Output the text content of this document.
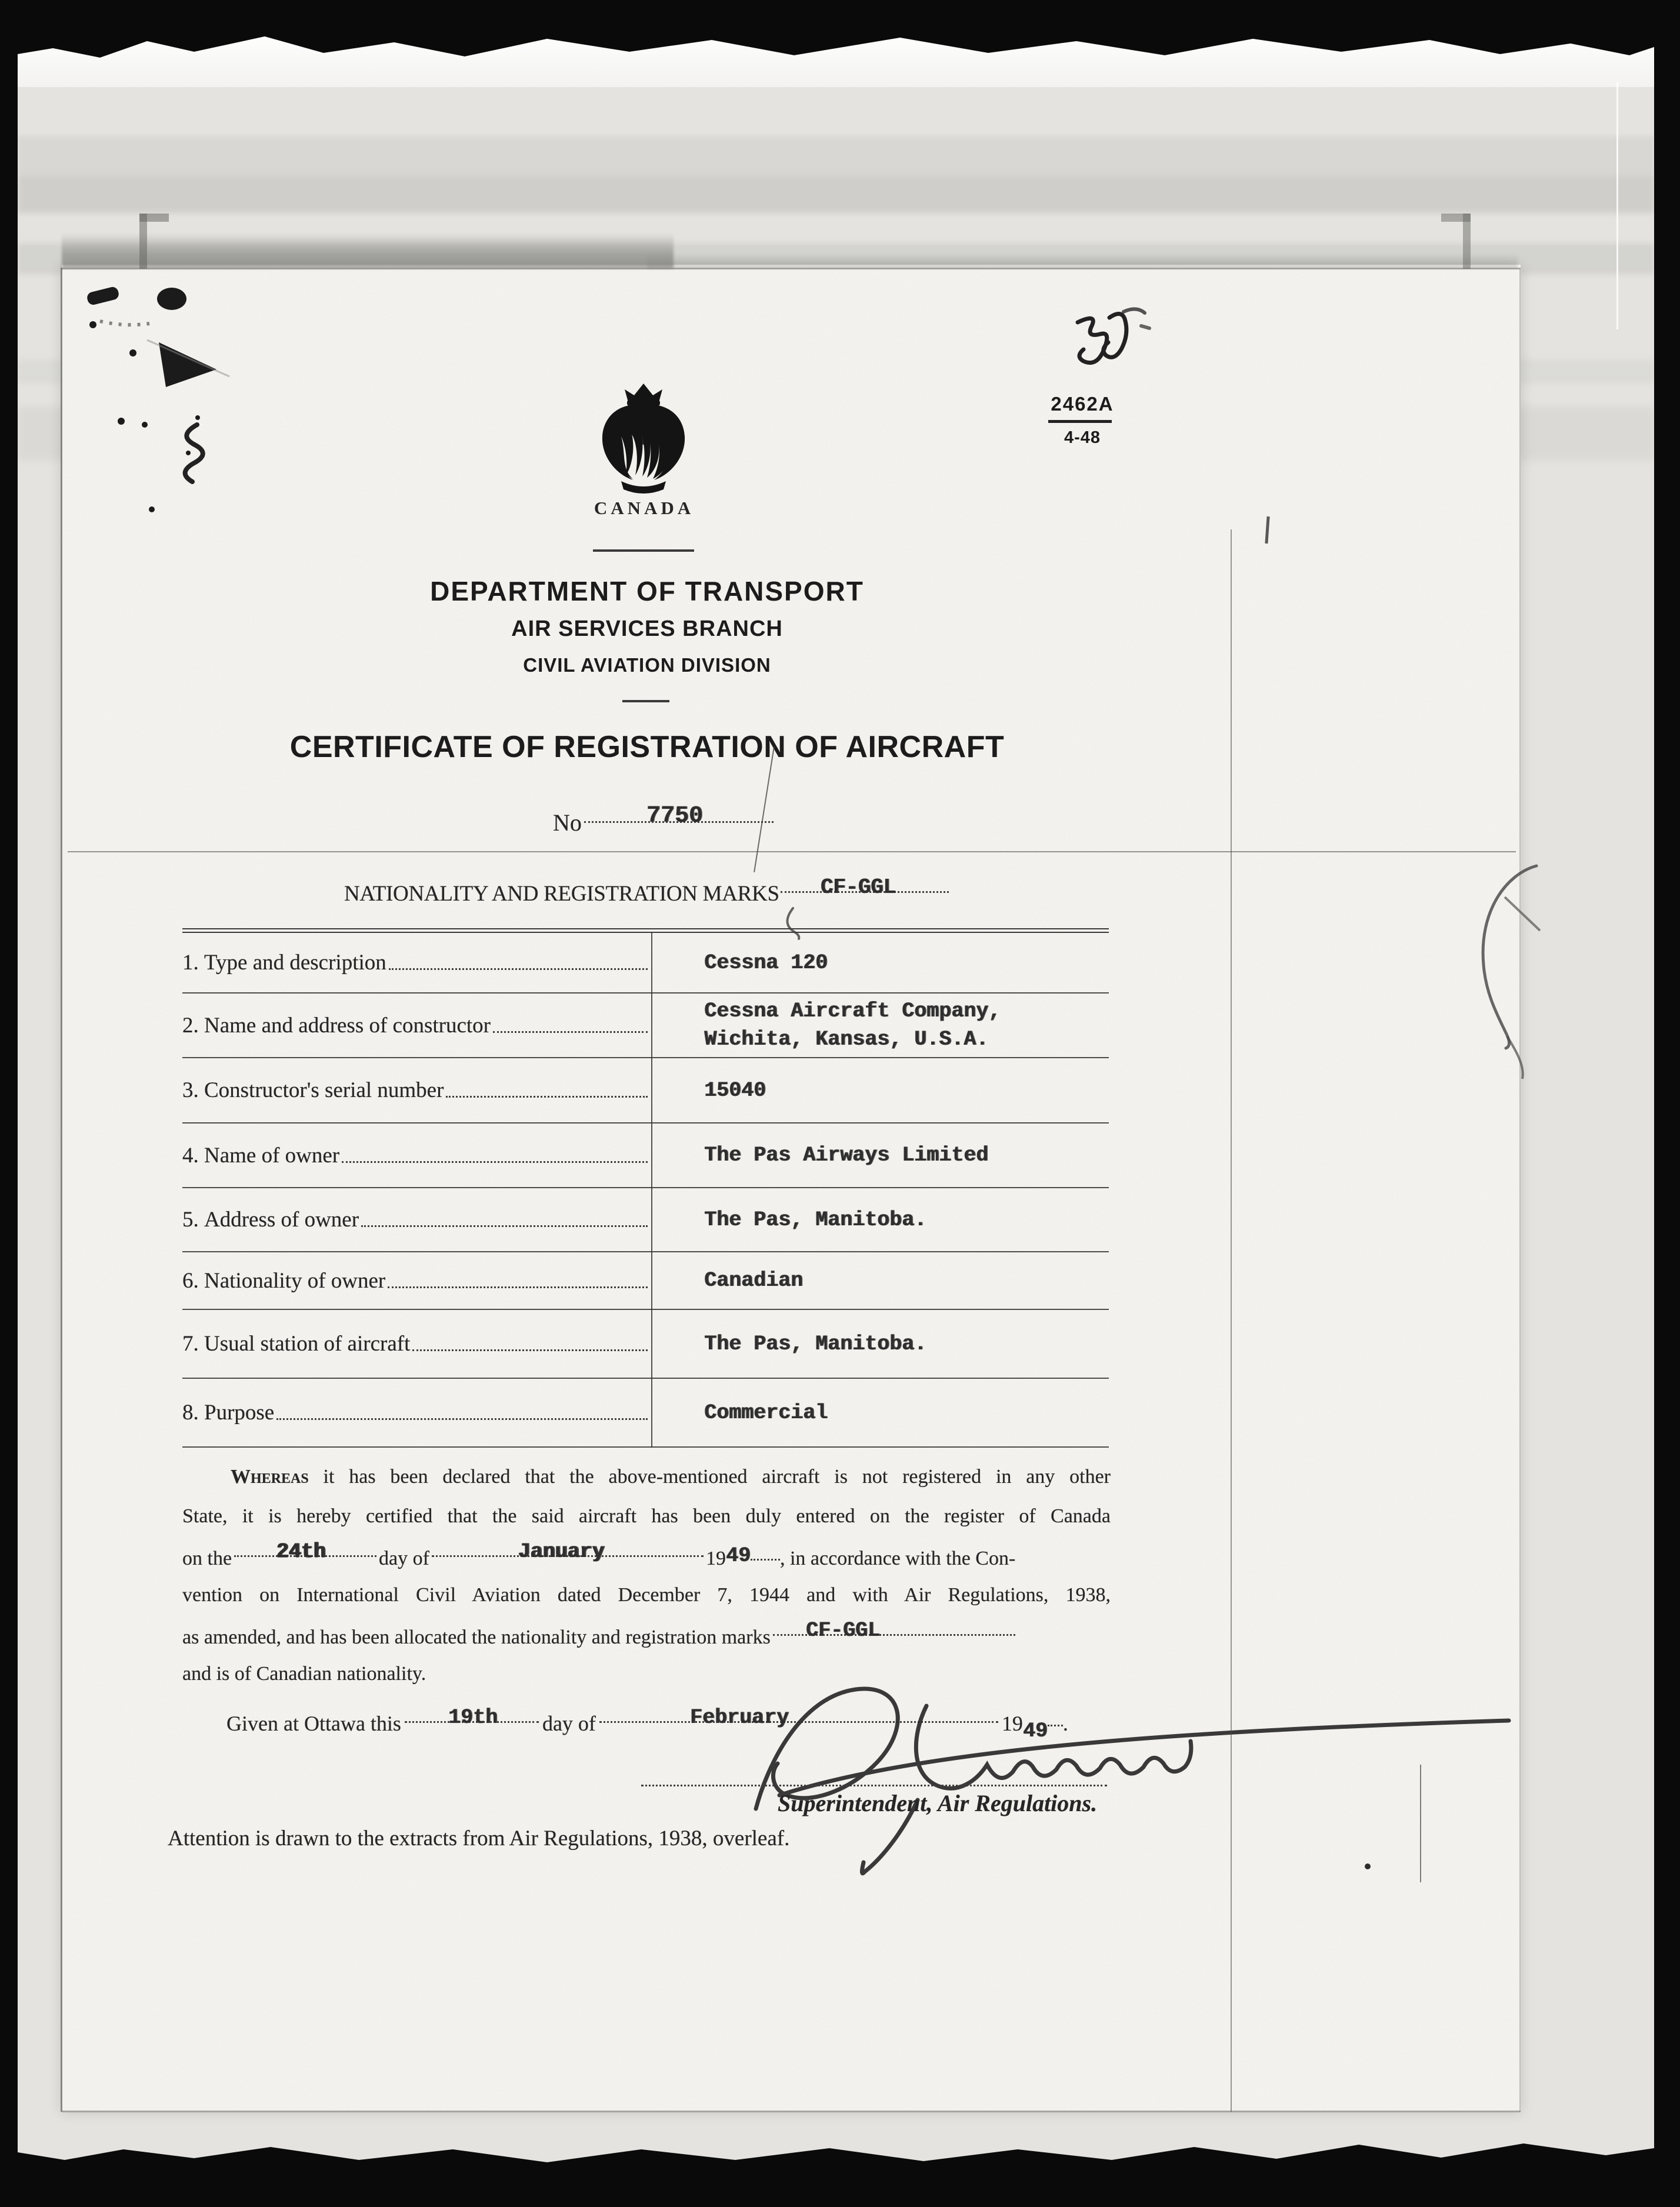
2462A
4-48
CANADA
DEPARTMENT OF TRANSPORT
AIR SERVICES BRANCH
CIVIL AVIATION DIVISION
CERTIFICATE OF REGISTRATION OF AIRCRAFT
No	7750
NATIONALITY AND REGISTRATION MARKS CF-GGL
1. Type and description	Cessna 120
2. Name and address of constructor
Cessna Aircraft Company,
Wichita, Kansas, U.S.A.
3. Constructor's serial number	15040
4. Name of owner	The Pas Airways Limited
5. Address of owner	The Pas, Manitoba.
6. Nationality of owner	Canadian
7. Usual station of aircraft	The Pas, Manitoba.
8. Purpose	Commercial
Whereas it has been declared that the above-mentioned aircraft is not registered in any other
State, it is hereby certified that the said aircraft has been duly entered on the register of Canada
on the 24th	day of	January	19 49 , in accordance with the Con-
vention on International Civil Aviation dated December 7, 1944 and with Air Regulations, 1938,
as amended, and has been allocated the nationality and registration marks CF-GGL
and is of Canadian nationality.
Given at Ottawa this 19th day of	February	19 49 .
Superintendent, Air Regulations.
Attention is drawn to the extracts from Air Regulations, 1938, overleaf.
